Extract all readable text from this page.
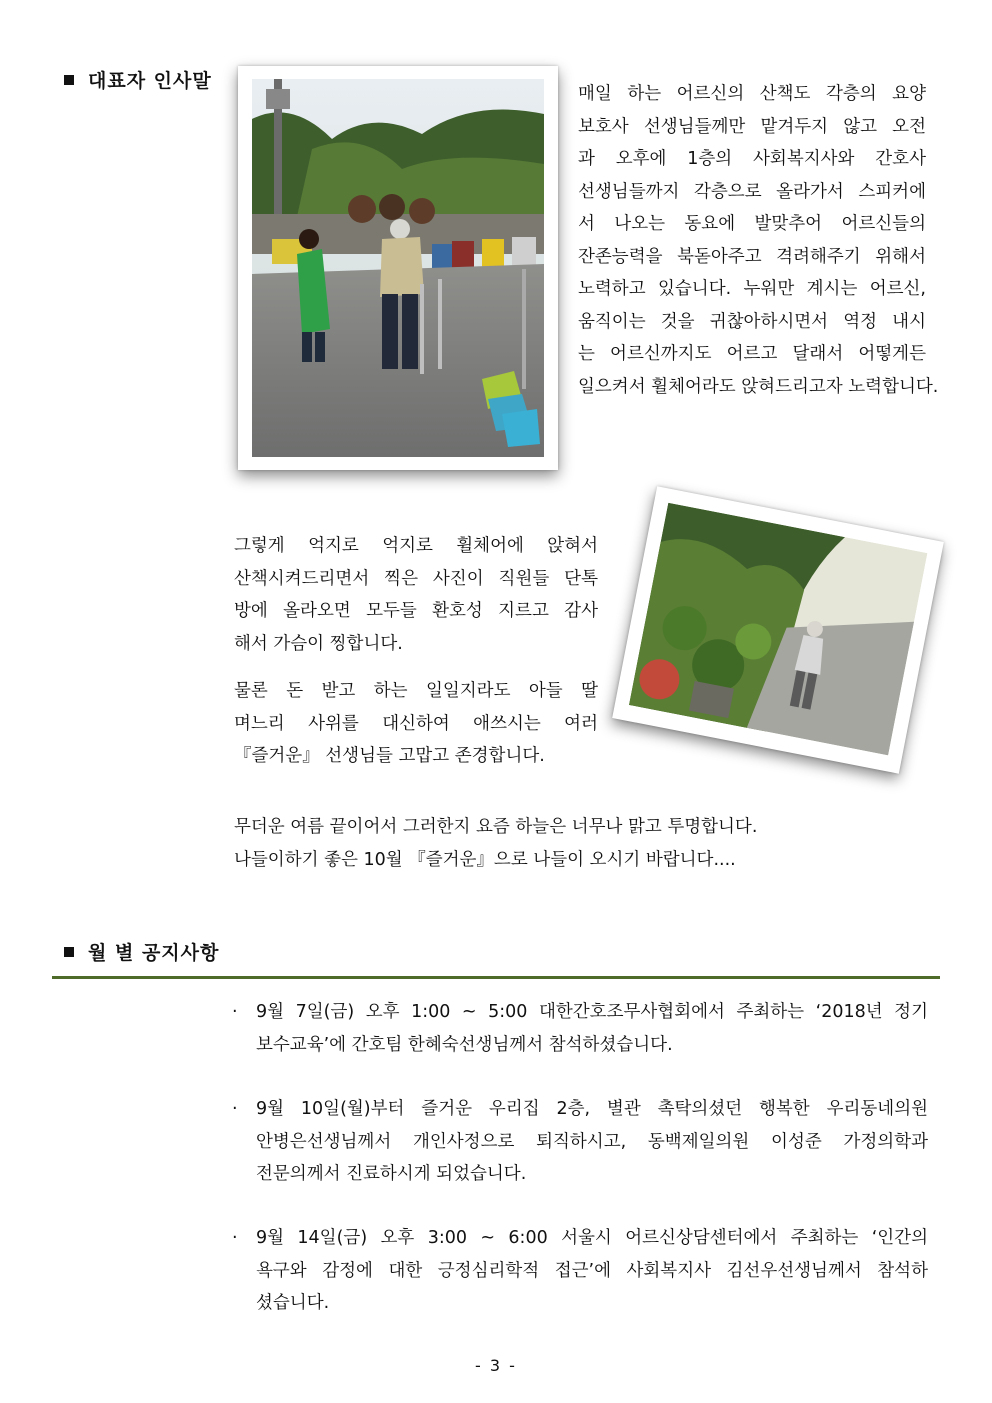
대표자 인사말
매일 하는 어르신의 산책도 각층의 요양
보호사 선생님들께만 맡겨두지 않고 오전
과 오후에 1층의 사회복지사와 간호사
선생님들까지 각층으로 올라가서 스피커에
서 나오는 동요에 발맞추어 어르신들의
잔존능력을 북돋아주고 격려해주기 위해서
노력하고 있습니다. 누워만 계시는 어르신,
움직이는 것을 귀찮아하시면서 역정 내시
는 어르신까지도 어르고 달래서 어떻게든
일으켜서 휠체어라도 앉혀드리고자 노력합니다.
그렇게 억지로 억지로 휠체어에 앉혀서
산책시켜드리면서 찍은 사진이 직원들 단톡
방에 올라오면 모두들 환호성 지르고 감사
해서 가슴이 찡합니다.
물론 돈 받고 하는 일일지라도 아들 딸
며느리 사위를 대신하여 애쓰시는 여러
『즐거운』 선생님들 고맙고 존경합니다.
무더운 여름 끝이어서 그러한지 요즘 하늘은 너무나 맑고 투명합니다.
나들이하기 좋은 10월 『즐거운』으로 나들이 오시기 바랍니다....
월 별 공지사항
· 9월 7일(금) 오후 1:00 ~ 5:00 대한간호조무사협회에서 주최하는 ‘2018년 정기
보수교육’에 간호팀 한혜숙선생님께서 참석하셨습니다.
· 9월 10일(월)부터 즐거운 우리집 2층, 별관 촉탁의셨던 행복한 우리동네의원
안병은선생님께서 개인사정으로 퇴직하시고, 동백제일의원 이성준 가정의학과
전문의께서 진료하시게 되었습니다.
· 9월 14일(금) 오후 3:00 ~ 6:00 서울시 어르신상담센터에서 주최하는 ‘인간의
욕구와 감정에 대한 긍정심리학적 접근’에 사회복지사 김선우선생님께서 참석하
셨습니다.
- 3 -
